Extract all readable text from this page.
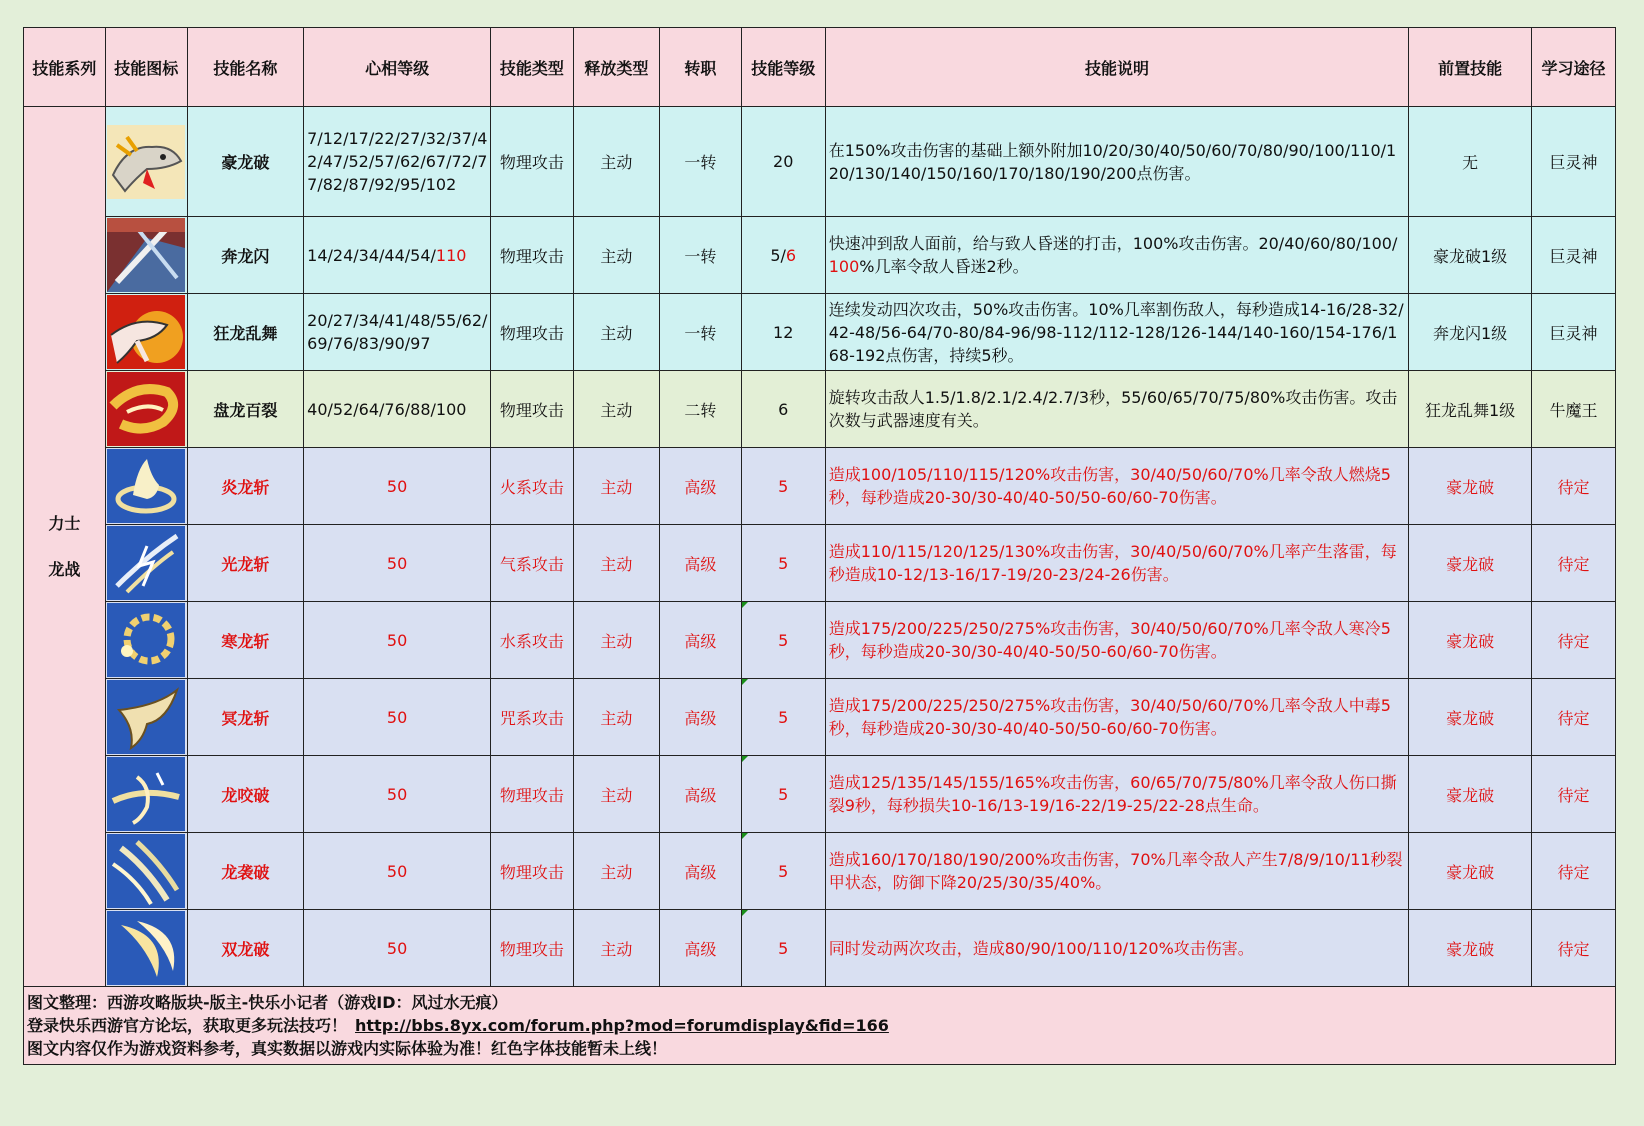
技能系列	技能图标	技能名称	心相等级	技能类型	释放类型	转职	技能等级	技能说明	前置技能	学习途径

力士
龙战		豪龙破	7/12/17/22/27/32/37/42/47/52/57/62/67/72/77/82/87/92/95/102	物理攻击	主动	一转	20	在150%攻击伤害的基础上额外附加10/20/30/40/50/60/70/80/90/100/110/120/130/140/150/160/170/180/190/200点伤害。	无	巨灵神

	奔龙闪	14/24/34/44/54/110	物理攻击	主动	一转	5/6	快速冲到敌人面前，给与致人昏迷的打击，100%攻击伤害。20/40/60/80/100/100%几率令敌人昏迷2秒。	豪龙破1级	巨灵神

	狂龙乱舞	20/27/34/41/48/55/62/69/76/83/90/97	物理攻击	主动	一转	12	连续发动四次攻击，50%攻击伤害。10%几率割伤敌人，每秒造成14-16/28-32/42-48/56-64/70-80/84-96/98-112/112-128/126-144/140-160/154-176/168-192点伤害，持续5秒。	奔龙闪1级	巨灵神

	盘龙百裂	40/52/64/76/88/100	物理攻击	主动	二转	6	旋转攻击敌人1.5/1.8/2.1/2.4/2.7/3秒，55/60/65/70/75/80%攻击伤害。攻击次数与武器速度有关。	狂龙乱舞1级	牛魔王

	炎龙斩	50	火系攻击	主动	高级	5	造成100/105/110/115/120%攻击伤害，30/40/50/60/70%几率令敌人燃烧5秒，每秒造成20-30/30-40/40-50/50-60/60-70伤害。	豪龙破	待定

	光龙斩	50	气系攻击	主动	高级	5	造成110/115/120/125/130%攻击伤害，30/40/50/60/70%几率产生落雷，每秒造成10-12/13-16/17-19/20-23/24-26伤害。	豪龙破	待定

	寒龙斩	50	水系攻击	主动	高级	5	造成175/200/225/250/275%攻击伤害，30/40/50/60/70%几率令敌人寒冷5秒，每秒造成20-30/30-40/40-50/50-60/60-70伤害。	豪龙破	待定

	冥龙斩	50	咒系攻击	主动	高级	5	造成175/200/225/250/275%攻击伤害，30/40/50/60/70%几率令敌人中毒5秒，每秒造成20-30/30-40/40-50/50-60/60-70伤害。	豪龙破	待定

	龙咬破	50	物理攻击	主动	高级	5	造成125/135/145/155/165%攻击伤害，60/65/70/75/80%几率令敌人伤口撕裂9秒，每秒损失10-16/13-19/16-22/19-25/22-28点生命。	豪龙破	待定

	龙袭破	50	物理攻击	主动	高级	5	造成160/170/180/190/200%攻击伤害，70%几率令敌人产生7/8/9/10/11秒裂甲状态，防御下降20/25/30/35/40%。	豪龙破	待定

	双龙破	50	物理攻击	主动	高级	5	同时发动两次攻击，造成80/90/100/110/120%攻击伤害。	豪龙破	待定

图文整理：西游攻略版块-版主-快乐小记者（游戏ID：风过水无痕）
登录快乐西游官方论坛，获取更多玩法技巧！ http://bbs.8yx.com/forum.php?mod=forumdisplay&fid=166
图文内容仅作为游戏资料参考，真实数据以游戏内实际体验为准！红色字体技能暂未上线！										
